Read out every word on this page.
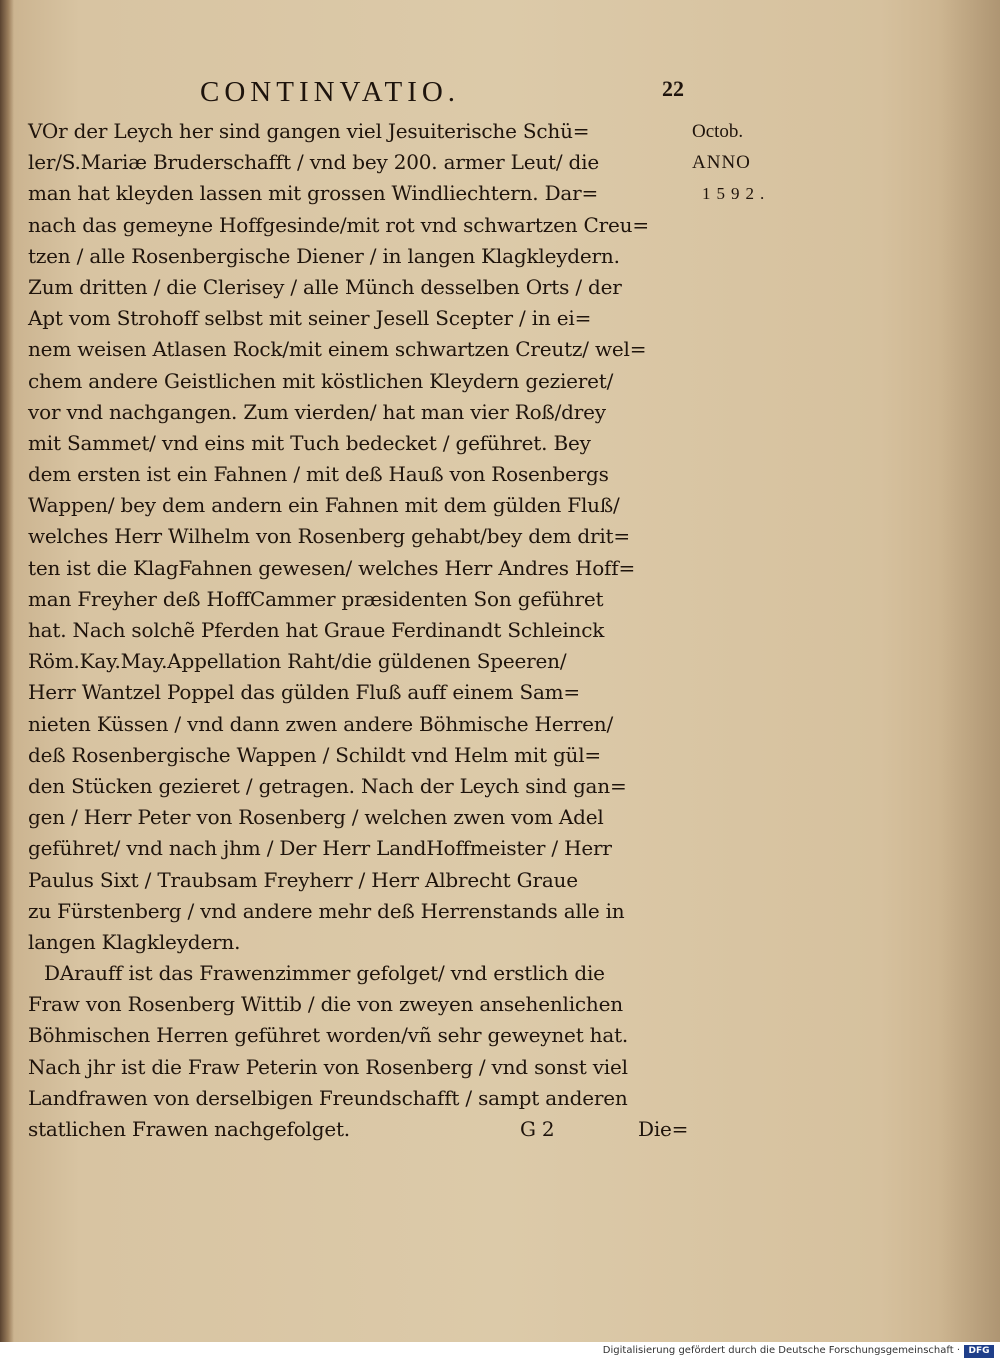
CONTINVATIO.	22
Octob.
ANNO
1592.
VOr der Leych her sind gangen viel Jesuiterische Schü=
ler/S.Mariæ Bruderschafft / vnd bey 200. armer Leut/ die
man hat kleyden lassen mit grossen Windliechtern. Dar=
nach das gemeyne Hoffgesinde/mit rot vnd schwartzen Creu=
tzen / alle Rosenbergische Diener / in langen Klagkleydern.
Zum dritten / die Clerisey / alle Münch desselben Orts / der
Apt vom Strohoff selbst mit seiner Jesell Scepter / in ei=
nem weisen Atlasen Rock/mit einem schwartzen Creutz/ wel=
chem andere Geistlichen mit köstlichen Kleydern gezieret/
vor vnd nachgangen. Zum vierden/ hat man vier Roß/drey
mit Sammet/ vnd eins mit Tuch bedecket / geführet. Bey
dem ersten ist ein Fahnen / mit deß Hauß von Rosenbergs
Wappen/ bey dem andern ein Fahnen mit dem gülden Fluß/
welches Herr Wilhelm von Rosenberg gehabt/bey dem drit=
ten ist die KlagFahnen gewesen/ welches Herr Andres Hoff=
man Freyher deß HoffCammer præsidenten Son geführet
hat. Nach solchẽ Pferden hat Graue Ferdinandt Schleinck
Röm.Kay.May.Appellation Raht/die güldenen Speeren/
Herr Wantzel Poppel das gülden Fluß auff einem Sam=
nieten Küssen / vnd dann zwen andere Böhmische Herren/
deß Rosenbergische Wappen / Schildt vnd Helm mit gül=
den Stücken gezieret / getragen. Nach der Leych sind gan=
gen / Herr Peter von Rosenberg / welchen zwen vom Adel
geführet/ vnd nach jhm / Der Herr LandHoffmeister / Herr
Paulus Sixt / Traubsam Freyherr / Herr Albrecht Graue
zu Fürstenberg / vnd andere mehr deß Herrenstands alle in
langen Klagkleydern.
DArauff ist das Frawenzimmer gefolget/ vnd erstlich die
Fraw von Rosenberg Wittib / die von zweyen ansehenlichen
Böhmischen Herren geführet worden/vñ sehr geweynet hat.
Nach jhr ist die Fraw Peterin von Rosenberg / vnd sonst viel
Landfrawen von derselbigen Freundschafft / sampt anderen
statlichen Frawen nachgefolget.	G 2	Die=
Digitalisierung gefördert durch die Deutsche Forschungsgemeinschaft · DFG
